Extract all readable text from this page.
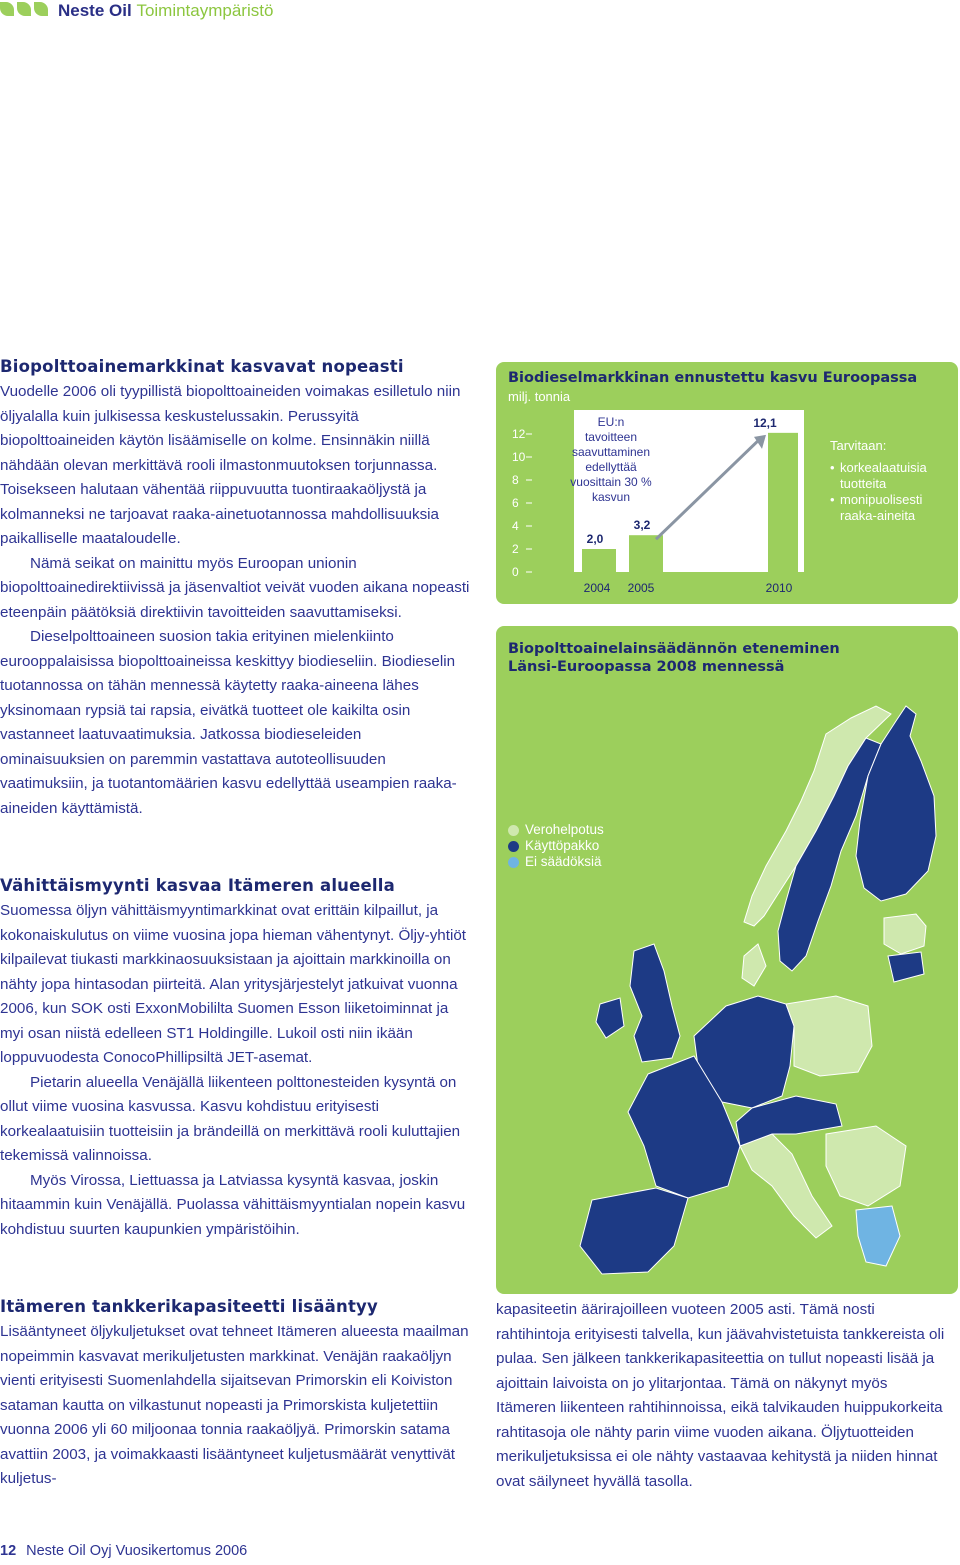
Neste Oil Toimintaympäristö
Biopolttoainemarkkinat kasvavat nopeasti
Vuodelle 2006 oli tyypillistä biopolttoaineiden voimakas esilletulo niin öljyalalla kuin julkisessa keskustelussakin. Perussyitä biopolttoaineiden käytön lisäämiselle on kolme. Ensinnäkin niillä nähdään olevan merkittävä rooli ilmastonmuutoksen torjunnassa. Toisekseen halutaan vähentää riippuvuutta tuontiraakaöljystä ja kolmanneksi ne tarjoavat raaka-ainetuotannossa mahdollisuuksia paikalliselle maataloudelle.
Nämä seikat on mainittu myös Euroopan unionin biopolttoainedirektiivissä ja jäsenvaltiot veivät vuoden aikana nopeasti eteenpäin päätöksiä direktiivin tavoitteiden saavuttamiseksi.
Dieselpolttoaineen suosion takia erityinen mielenkiinto eurooppalaisissa biopolttoaineissa keskittyy biodieseliin. Biodieselin tuotannossa on tähän mennessä käytetty raaka-aineena lähes yksinomaan rypsiä tai rapsia, eivätkä tuotteet ole kaikilta osin vastanneet laatuvaatimuksia. Jatkossa biodieseleiden ominaisuuksien on paremmin vastattava autoteollisuuden vaatimuksiin, ja tuotantomäärien kasvu edellyttää useampien raaka-aineiden käyttämistä.
Vähittäismyynti kasvaa Itämeren alueella
Suomessa öljyn vähittäismyyntimarkkinat ovat erittäin kilpaillut, ja kokonaiskulutus on viime vuosina jopa hieman vähentynyt. Öljy-yhtiöt kilpailevat tiukasti markkinaosuuksistaan ja ajoittain markkinoilla on nähty jopa hintasodan piirteitä. Alan yritysjärjestelyt jatkuivat vuonna 2006, kun SOK osti ExxonMobililta Suomen Esson liiketoiminnat ja myi osan niistä edelleen ST1 Holdingille. Lukoil osti niin ikään loppuvuodesta ConocoPhillipsiltä JET-asemat.
Pietarin alueella Venäjällä liikenteen polttonesteiden kysyntä on ollut viime vuosina kasvussa. Kasvu kohdistuu erityisesti korkealaatuisiin tuotteisiin ja brändeillä on merkittävä rooli kuluttajien tekemissä valinnoissa.
Myös Virossa, Liettuassa ja Latviassa kysyntä kasvaa, joskin hitaammin kuin Venäjällä. Puolassa vähittäismyyntialan nopein kasvu kohdistuu suurten kaupunkien ympäristöihin.
Itämeren tankkerikapasiteetti lisääntyy
Lisääntyneet öljykuljetukset ovat tehneet Itämeren alueesta maailman nopeimmin kasvavat merikuljetusten markkinat. Venäjän raakaöljyn vienti erityisesti Suomenlahdella sijaitsevan Primorskin eli Koiviston sataman kautta on vilkastunut nopeasti ja Primorskista kuljetettiin vuonna 2006 yli 60 miljoonaa tonnia raakaöljyä. Primorskin satama avattiin 2003, ja voimakkaasti lisääntyneet kuljetusmäärät venyttivät kuljetus-
kapasiteetin äärirajoilleen vuoteen 2005 asti. Tämä nosti rahtihintoja erityisesti talvella, kun jäävahvistetuista tankkereista oli pulaa. Sen jälkeen tankkerikapasiteettia on tullut nopeasti lisää ja ajoittain laivoista on jo ylitarjontaa. Tämä on näkynyt myös Itämeren liikenteen rahtihinnoissa, eikä talvikauden huippukorkeita rahtitasoja ole nähty parin viime vuoden aikana. Öljytuotteiden merikuljetuksissa ei ole nähty vastaavaa kehitystä ja niiden hinnat ovat säilyneet hyvällä tasolla.
Biodieselmarkkinan ennustettu kasvu Euroopassa
milj. tonnia
12
10
8
6
4
2
0
2,0
2004
3,2
2005
12,1
2010
EU:n
tavoitteen
saavuttaminen
edellyttää
vuosittain 30 %
kasvun
Tarvitaan:
• korkealaatuisia
tuotteita
• monipuolisesti
raaka-aineita
Biopolttoainelainsäädännön eteneminen
Länsi-Euroopassa 2008 mennessä
Verohelpotus
Käyttöpakko
Ei säädöksiä
12 Neste Oil Oyj Vuosikertomus 2006
